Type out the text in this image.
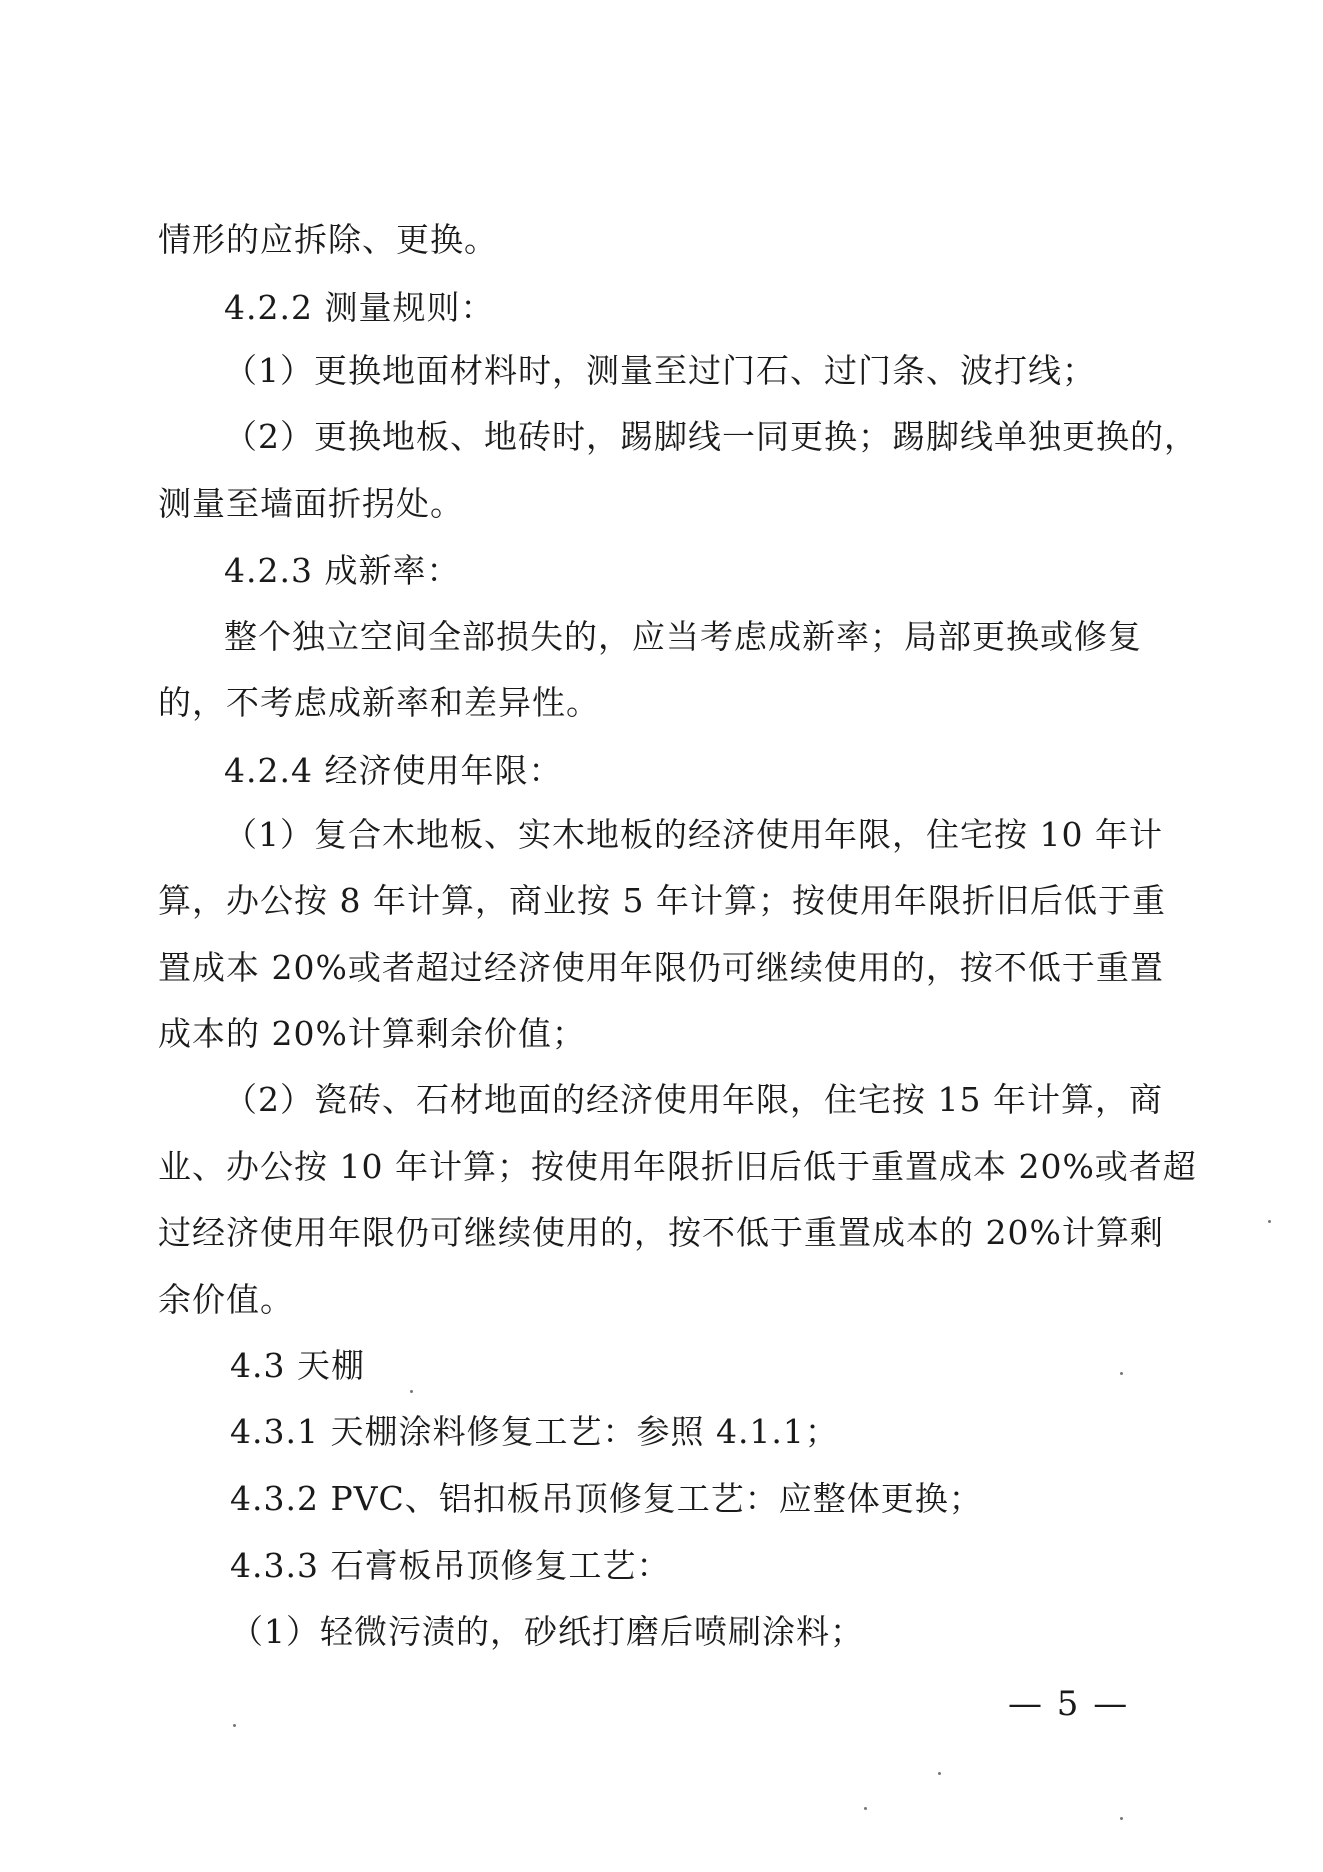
情形的应拆除、更换。
4.2.2 测量规则：
（1）更换地面材料时，测量至过门石、过门条、波打线；
（2）更换地板、地砖时，踢脚线一同更换；踢脚线单独更换的，
测量至墙面折拐处。
4.2.3 成新率：
整个独立空间全部损失的，应当考虑成新率；局部更换或修复
的，不考虑成新率和差异性。
4.2.4 经济使用年限：
（1）复合木地板、实木地板的经济使用年限，住宅按 10 年计
算，办公按 8 年计算，商业按 5 年计算；按使用年限折旧后低于重
置成本 20%或者超过经济使用年限仍可继续使用的，按不低于重置
成本的 20%计算剩余价值；
（2）瓷砖、石材地面的经济使用年限，住宅按 15 年计算，商
业、办公按 10 年计算；按使用年限折旧后低于重置成本 20%或者超
过经济使用年限仍可继续使用的，按不低于重置成本的 20%计算剩
余价值。
4.3 天棚
4.3.1 天棚涂料修复工艺：参照 4.1.1；
4.3.2 PVC、铝扣板吊顶修复工艺：应整体更换；
4.3.3 石膏板吊顶修复工艺：
（1）轻微污渍的，砂纸打磨后喷刷涂料；
— 5 —
